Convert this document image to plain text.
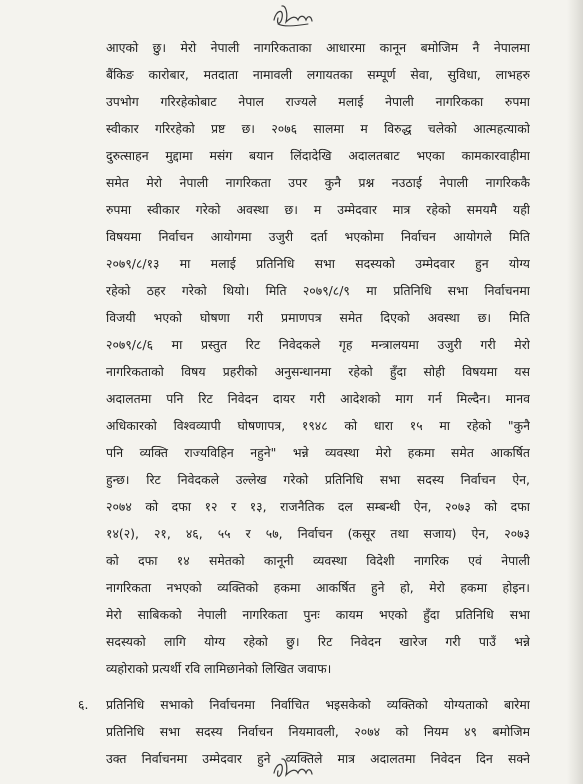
आएको छु। मेरो नेपाली नागरिकताका आधारमा कानून बमोजिम नै नेपालमा
बैंकिङ कारोबार, मतदाता नामावली लगायतका सम्पूर्ण सेवा, सुविधा, लाभहरु
उपभोग गरिरहेकोबाट नेपाल राज्यले मलाई नेपाली नागरिकका रुपमा
स्वीकार गरिरहेको प्रष्ट छ। २०७६ सालमा म विरुद्ध चलेको आत्महत्याको
दुरुत्साहन मुद्दामा मसंग बयान लिंदादेखि अदालतबाट भएका कामकारवाहीमा
समेत मेरो नेपाली नागरिकता उपर कुनै प्रश्न नउठाई नेपाली नागरिककै
रुपमा स्वीकार गरेको अवस्था छ। म उम्मेदवार मात्र रहेको समयमै यही
विषयमा निर्वाचन आयोगमा उजुरी दर्ता भएकोमा निर्वाचन आयोगले मिति
२०७९/८/१३ मा मलाई प्रतिनिधि सभा सदस्यको उम्मेदवार हुन योग्य
रहेको ठहर गरेको थियो। मिति २०७९/८/९ मा प्रतिनिधि सभा निर्वाचनमा
विजयी भएको घोषणा गरी प्रमाणपत्र समेत दिएको अवस्था छ। मिति
२०७९/८/६ मा प्रस्तुत रिट निवेदकले गृह मन्त्रालयमा उजुरी गरी मेरो
नागरिकताको विषय प्रहरीको अनुसन्धानमा रहेको हुँदा सोही विषयमा यस
अदालतमा पनि रिट निवेदन दायर गरी आदेशको माग गर्न मिल्दैन। मानव
अधिकारको विश्वव्यापी घोषणापत्र, १९४८ को धारा १५ मा रहेको "कुनै
पनि व्यक्ति राज्यविहिन नहुने" भन्ने व्यवस्था मेरो हकमा समेत आकर्षित
हुन्छ। रिट निवेदकले उल्लेख गरेको प्रतिनिधि सभा सदस्य निर्वाचन ऐन,
२०७४ को दफा १२ र १३, राजनैतिक दल सम्बन्धी ऐन, २०७३ को दफा
१४(२), २१, ४६, ५५ र ५७, निर्वाचन (कसूर तथा सजाय) ऐन, २०७३
को दफा १४ समेतको कानूनी व्यवस्था विदेशी नागरिक एवं नेपाली
नागरिकता नभएको व्यक्तिको हकमा आकर्षित हुने हो, मेरो हकमा होइन।
मेरो साबिकको नेपाली नागरिकता पुनः कायम भएको हुँदा प्रतिनिधि सभा
सदस्यको लागि योग्य रहेको छु। रिट निवेदन खारेज गरी पाउँ भन्ने
व्यहोराको प्रत्यर्थी रवि लामिछानेको लिखित जवाफ।
६. प्रतिनिधि सभाको निर्वाचनमा निर्वाचित भइसकेको व्यक्तिको योग्यताको बारेमा
प्रतिनिधि सभा सदस्य निर्वाचन नियमावली, २०७४ को नियम ४९ बमोजिम
उक्त निर्वाचनमा उम्मेदवार हुने व्यक्तिले मात्र अदालतमा निवेदन दिन सक्ने
